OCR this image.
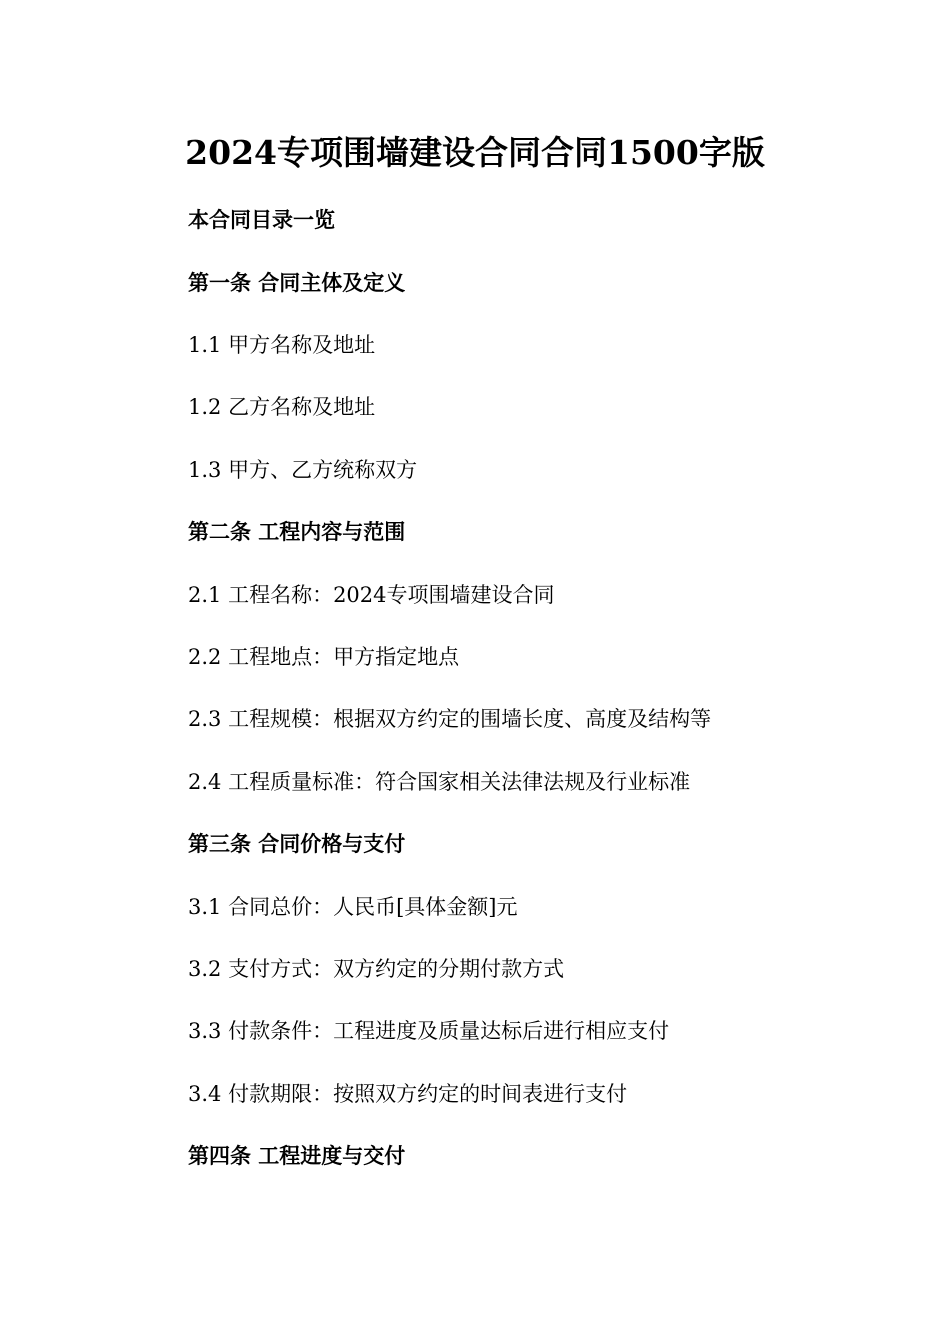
2024专项围墙建设合同合同1500字版
本合同目录一览
第一条 合同主体及定义
1.1 甲方名称及地址
1.2 乙方名称及地址
1.3 甲方、乙方统称双方
第二条 工程内容与范围
2.1 工程名称：2024专项围墙建设合同
2.2 工程地点：甲方指定地点
2.3 工程规模：根据双方约定的围墙长度、高度及结构等
2.4 工程质量标准：符合国家相关法律法规及行业标准
第三条 合同价格与支付
3.1 合同总价：人民币[具体金额]元
3.2 支付方式：双方约定的分期付款方式
3.3 付款条件：工程进度及质量达标后进行相应支付
3.4 付款期限：按照双方约定的时间表进行支付
第四条 工程进度与交付
